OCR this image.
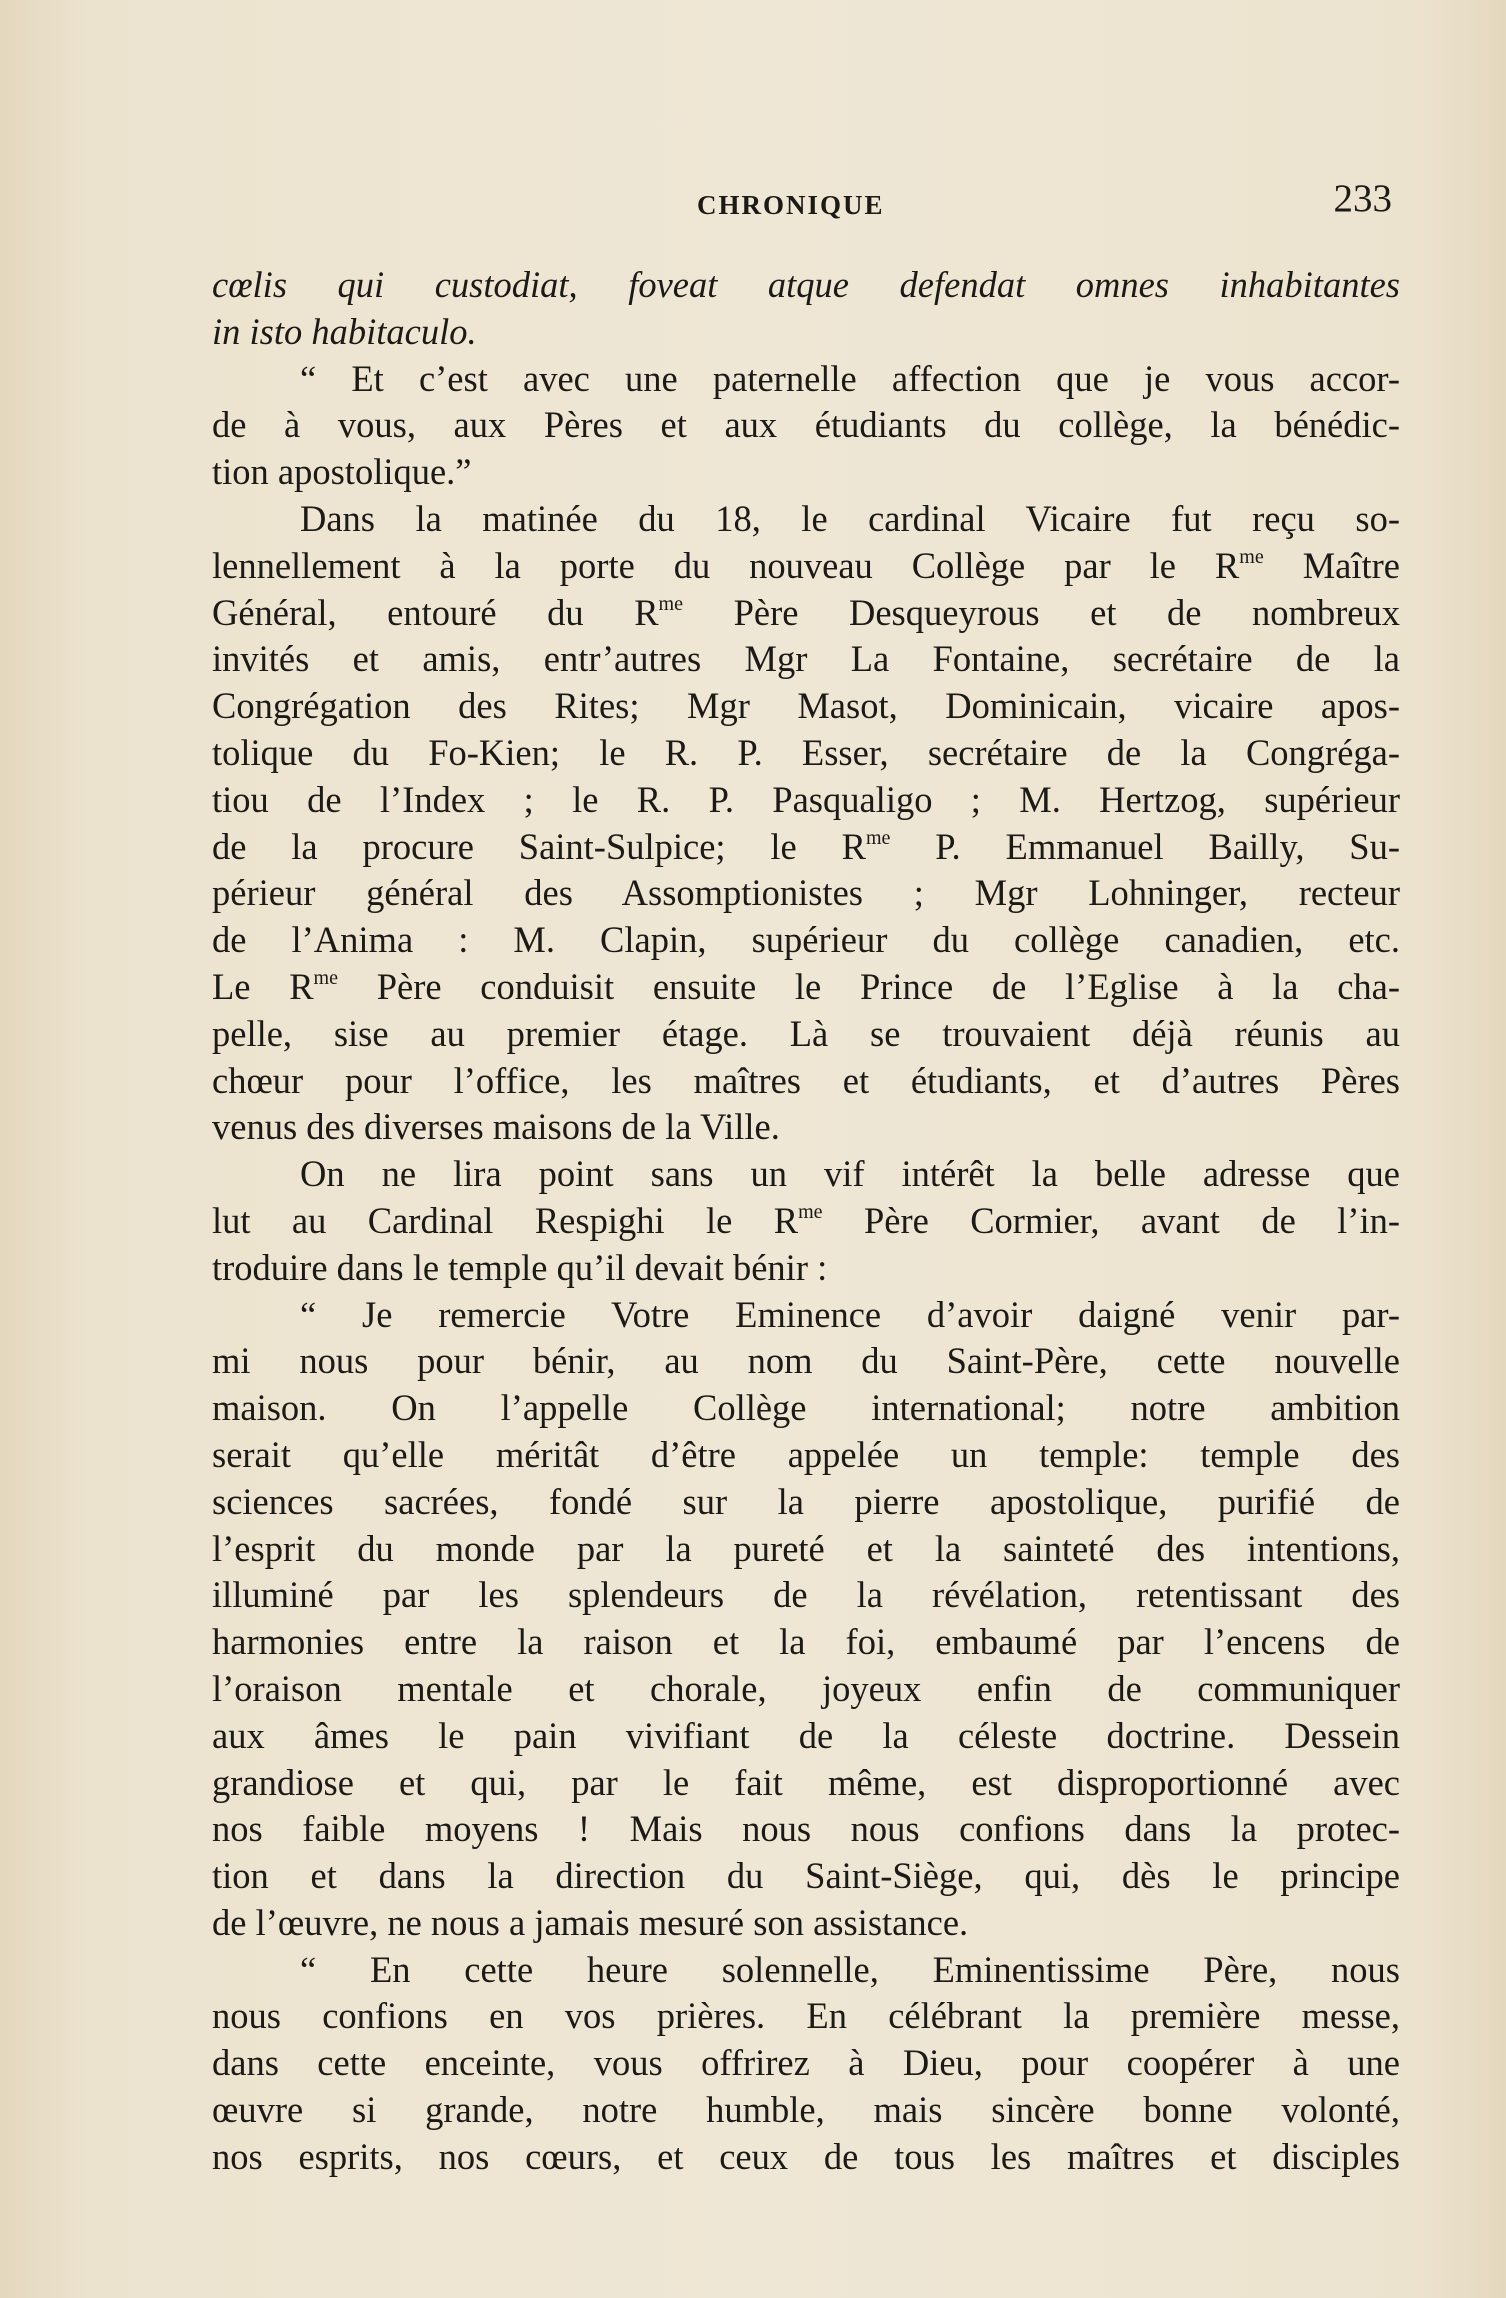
CHRONIQUE	233
cœlis qui custodiat, foveat atque defendat omnes inhabitantes
in isto habitaculo.
“ Et c’est avec une paternelle affection que je vous accor-
de à vous, aux Pères et aux étudiants du collège, la bénédic-
tion apostolique.”
Dans la matinée du 18, le cardinal Vicaire fut reçu so-
lennellement à la porte du nouveau Collège par le $R^{me}$ Maître
Général, entouré du $R^{me}$ Père Desqueyrous et de nombreux
invités et amis, entr’autres Mgr La Fontaine, secrétaire de la
Congrégation des Rites; Mgr Masot, Dominicain, vicaire apos-
tolique du Fo-Kien; le R. P. Esser, secrétaire de la Congréga-
tiou de l’Index ; le R. P. Pasqualigo ; M. Hertzog, supérieur
de la procure Saint-Sulpice; le $R^{me}$ P. Emmanuel Bailly, Su-
périeur général des Assomptionistes ; Mgr Lohninger, recteur
de l’Anima : M. Clapin, supérieur du collège canadien, etc.
Le $R^{me}$ Père conduisit ensuite le Prince de l’Eglise à la cha-
pelle, sise au premier étage. Là se trouvaient déjà réunis au
chœur pour l’office, les maîtres et étudiants, et d’autres Pères
venus des diverses maisons de la Ville.
On ne lira point sans un vif intérêt la belle adresse que
lut au Cardinal Respighi le $R^{me}$ Père Cormier, avant de l’in-
troduire dans le temple qu’il devait bénir :
“ Je remercie Votre Eminence d’avoir daigné venir par-
mi nous pour bénir, au nom du Saint-Père, cette nouvelle
maison. On l’appelle Collège international; notre ambition
serait qu’elle méritât d’être appelée un temple: temple des
sciences sacrées, fondé sur la pierre apostolique, purifié de
l’esprit du monde par la pureté et la sainteté des intentions,
illuminé par les splendeurs de la révélation, retentissant des
harmonies entre la raison et la foi, embaumé par l’encens de
l’oraison mentale et chorale, joyeux enfin de communiquer
aux âmes le pain vivifiant de la céleste doctrine. Dessein
grandiose et qui, par le fait même, est disproportionné avec
nos faible moyens ! Mais nous nous confions dans la protec-
tion et dans la direction du Saint-Siège, qui, dès le principe
de l’œuvre, ne nous a jamais mesuré son assistance.
“ En cette heure solennelle, Eminentissime Père, nous
nous confions en vos prières. En célébrant la première messe,
dans cette enceinte, vous offrirez à Dieu, pour coopérer à une
œuvre si grande, notre humble, mais sincère bonne volonté,
nos esprits, nos cœurs, et ceux de tous les maîtres et disciples
